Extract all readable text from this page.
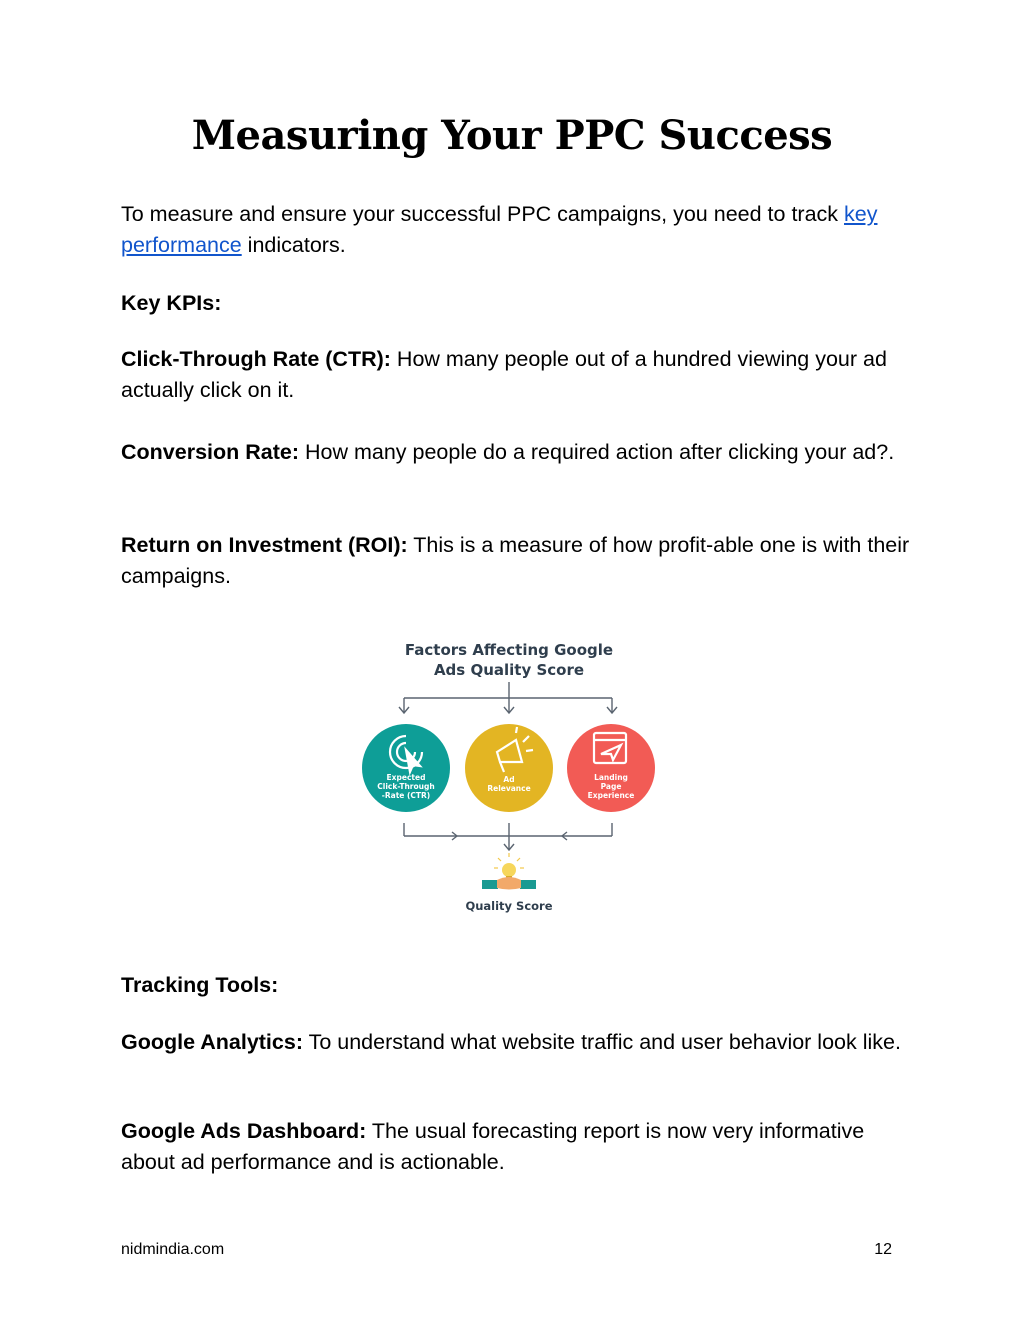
Measuring Your PPC Success

To measure and ensure your successful PPC campaigns, you need to track key performance indicators.

Key KPIs:

Click-Through Rate (CTR): How many people out of a hundred viewing your ad actually click on it.

Conversion Rate: How many people do a required action after clicking your ad?.

Return on Investment (ROI): This is a measure of how profit-able one is with their campaigns.

Factors Affecting Google
Ads Quality Score
Expected
Click-Through
-Rate (CTR)
Ad
Relevance
Landing
Page
Experience
Quality Score

Tracking Tools:

Google Analytics: To understand what website traffic and user behavior look like.

Google Ads Dashboard: The usual forecasting report is now very informative about ad performance and is actionable.

nidmindia.com	12
